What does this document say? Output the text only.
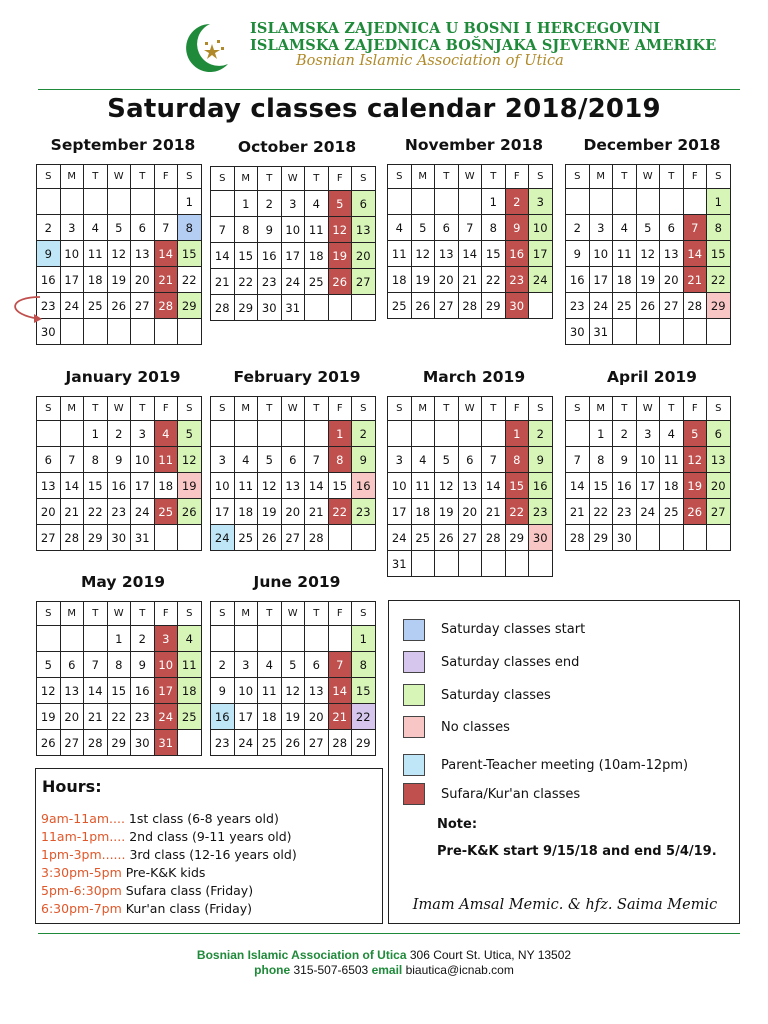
ISLAMSKA ZAJEDNICA U BOSNI I HERCEGOVINI
ISLAMSKA ZAJEDNICA BOŠNJAKA SJEVERNE AMERIKE
Bosnian Islamic Association of Utica
Saturday classes calendar 2018/2019
September 2018
S	M	T	W	T	F	S
						1
2	3	4	5	6	7	8
9	10	11	12	13	14	15
16	17	18	19	20	21	22
23	24	25	26	27	28	29
30						
October 2018
S	M	T	W	T	F	S
	1	2	3	4	5	6
7	8	9	10	11	12	13
14	15	16	17	18	19	20
21	22	23	24	25	26	27
28	29	30	31			
November 2018
S	M	T	W	T	F	S
				1	2	3
4	5	6	7	8	9	10
11	12	13	14	15	16	17
18	19	20	21	22	23	24
25	26	27	28	29	30	
December 2018
S	M	T	W	T	F	S
						1
2	3	4	5	6	7	8
9	10	11	12	13	14	15
16	17	18	19	20	21	22
23	24	25	26	27	28	29
30	31					
January 2019
S	M	T	W	T	F	S
		1	2	3	4	5
6	7	8	9	10	11	12
13	14	15	16	17	18	19
20	21	22	23	24	25	26
27	28	29	30	31		
February 2019
S	M	T	W	T	F	S
					1	2
3	4	5	6	7	8	9
10	11	12	13	14	15	16
17	18	19	20	21	22	23
24	25	26	27	28		
March 2019
S	M	T	W	T	F	S
					1	2
3	4	5	6	7	8	9
10	11	12	13	14	15	16
17	18	19	20	21	22	23
24	25	26	27	28	29	30
31						
April 2019
S	M	T	W	T	F	S
	1	2	3	4	5	6
7	8	9	10	11	12	13
14	15	16	17	18	19	20
21	22	23	24	25	26	27
28	29	30				
May 2019
S	M	T	W	T	F	S
			1	2	3	4
5	6	7	8	9	10	11
12	13	14	15	16	17	18
19	20	21	22	23	24	25
26	27	28	29	30	31	
June 2019
S	M	T	W	T	F	S
						1
2	3	4	5	6	7	8
9	10	11	12	13	14	15
16	17	18	19	20	21	22
23	24	25	26	27	28	29
Hours:
9am-11am.... 1st class (6-8 years old)
11am-1pm.... 2nd class (9-11 years old)
1pm-3pm...... 3rd class (12-16 years old)
3:30pm-5pm Pre-K&K kids
5pm-6:30pm Sufara class (Friday)
6:30pm-7pm Kur'an class (Friday)
Saturday classes start
Saturday classes end
Saturday classes
No classes
Parent-Teacher meeting (10am-12pm)
Sufara/Kur'an classes
Note:
Pre-K&K start 9/15/18 and end 5/4/19.
Imam Amsal Memic. & hfz. Saima Memic
Bosnian Islamic Association of Utica 306 Court St. Utica, NY 13502
phone 315-507-6503 email biautica@icnab.com
